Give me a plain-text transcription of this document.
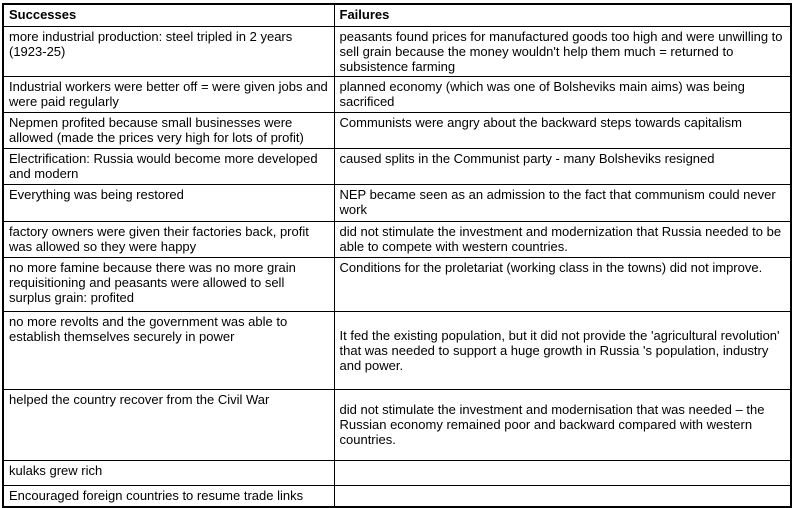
Successes	Failures
more industrial production: steel tripled in 2 years (1923-25)	peasants found prices for manufactured goods too high and were unwilling to sell grain because the money wouldn't help them much = returned to subsistence farming
Industrial workers were better off = were given jobs and were paid regularly	planned economy (which was one of Bolsheviks main aims) was being sacrificed
Nepmen profited because small businesses were allowed (made the prices very high for lots of profit)	Communists were angry about the backward steps towards capitalism
Electrification: Russia would become more developed and modern	caused splits in the Communist party - many Bolsheviks resigned
Everything was being restored	NEP became seen as an admission to the fact that communism could never work
factory owners were given their factories back, profit was allowed so they were happy	did not stimulate the investment and modernization that Russia needed to be able to compete with western countries.
no more famine because there was no more grain requisitioning and peasants were allowed to sell surplus grain: profited	Conditions for the proletariat (working class in the towns) did not improve.
no more revolts and the government was able to establish themselves securely in power	It fed the existing population, but it did not provide the 'agricultural revolution' that was needed to support a huge growth in Russia 's population, industry and power.
helped the country recover from the Civil War	did not stimulate the investment and modernisation that was needed – the Russian economy remained poor and backward compared with western countries.
kulaks grew rich	
Encouraged foreign countries to resume trade links	
